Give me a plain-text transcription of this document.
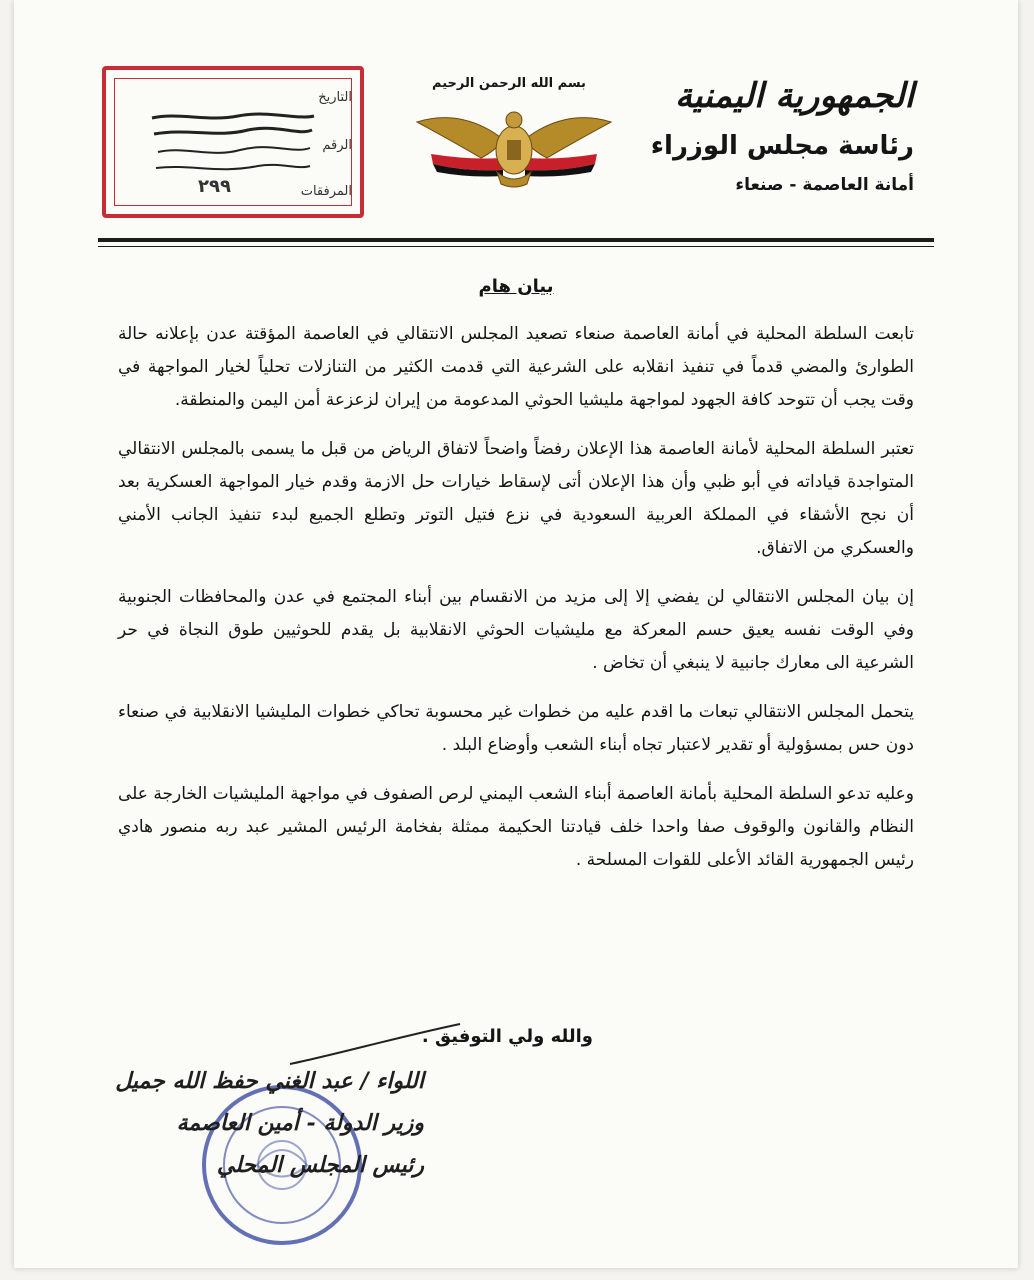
الجمهورية اليمنية
رئاسة مجلس الوزراء
أمانة العاصمة - صنعاء
بسم الله الرحمن الرحيم
التاريخ
الرقم
المرفقات
٢٩٩
بيان هام

تابعت السلطة المحلية في أمانة العاصمة صنعاء تصعيد المجلس الانتقالي في العاصمة المؤقتة عدن بإعلانه حالة الطوارئ والمضي قدماً في تنفيذ انقلابه على الشرعية التي قدمت الكثير من التنازلات تحلياً لخيار المواجهة في وقت يجب أن تتوحد كافة الجهود لمواجهة مليشيا الحوثي المدعومة من إيران لزعزعة أمن اليمن والمنطقة.

تعتبر السلطة المحلية لأمانة العاصمة هذا الإعلان رفضاً واضحاً لاتفاق الرياض من قبل ما يسمى بالمجلس الانتقالي المتواجدة قياداته في أبو ظبي وأن هذا الإعلان أتى لإسقاط خيارات حل الازمة وقدم خيار المواجهة العسكرية بعد أن نجح الأشقاء في المملكة العربية السعودية في نزع فتيل التوتر وتطلع الجميع لبدء تنفيذ الجانب الأمني والعسكري من الاتفاق.

إن بيان المجلس الانتقالي لن يفضي إلا إلى مزيد من الانقسام بين أبناء المجتمع في عدن والمحافظات الجنوبية وفي الوقت نفسه يعيق حسم المعركة مع مليشيات الحوثي الانقلابية بل يقدم للحوثيين طوق النجاة في حر الشرعية الى معارك جانبية لا ينبغي أن تخاض .

يتحمل المجلس الانتقالي تبعات ما اقدم عليه من خطوات غير محسوبة تحاكي خطوات المليشيا الانقلابية في صنعاء دون حس بمسؤولية أو تقدير لاعتبار تجاه أبناء الشعب وأوضاع البلد .

وعليه تدعو السلطة المحلية بأمانة العاصمة أبناء الشعب اليمني لرص الصفوف في مواجهة المليشيات الخارجة على النظام والقانون والوقوف صفا واحدا خلف قيادتنا الحكيمة ممثلة بفخامة الرئيس المشير عبد ربه منصور هادي رئيس الجمهورية القائد الأعلى للقوات المسلحة .

والله ولي التوفيق .
اللواء / عبد الغني حفظ الله جميل
وزير الدولة - أمين العاصمة
رئيس المجلس المحلي
